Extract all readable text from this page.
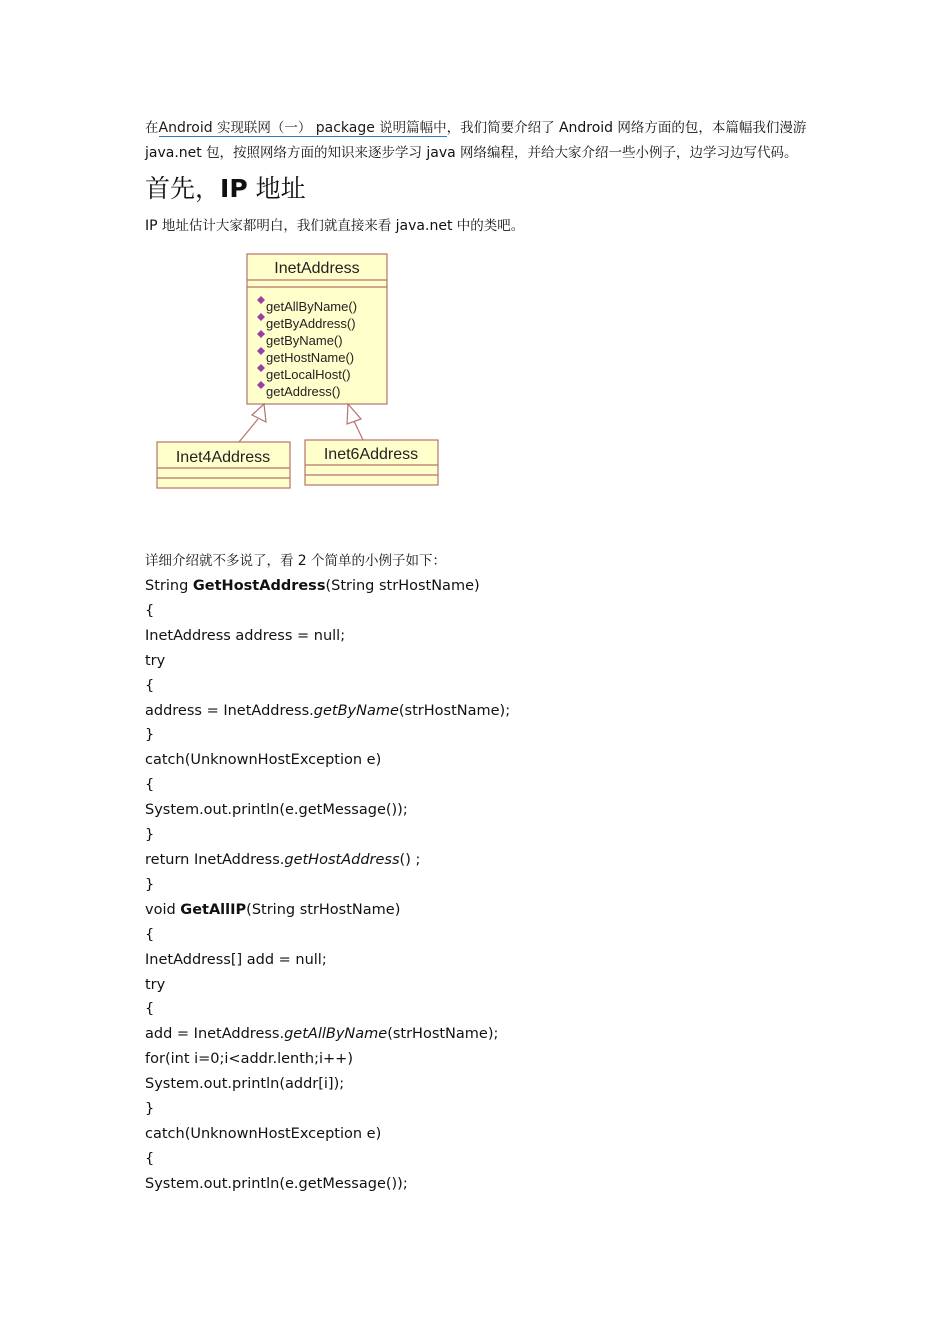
在Android 实现联网（一） package 说明篇幅中，我们简要介绍了 Android 网络方面的包，本篇幅我们漫游 java.net 包，按照网络方面的知识来逐步学习 java 网络编程，并给大家介绍一些小例子，边学习边写代码。

首先，IP 地址

IP 地址估计大家都明白，我们就直接来看 java.net 中的类吧。

InetAddress
getAllByName()
getByAddress()
getByName()
getHostName()
getLocalHost()
getAddress()
Inet4Address	Inet6Address

详细介绍就不多说了，看 2 个简单的小例子如下：

String GetHostAddress(String strHostName)
{
InetAddress address = null;
try
{
address = InetAddress.getByName(strHostName);
}
catch(UnknownHostException e)
{
System.out.println(e.getMessage());
}
return InetAddress.getHostAddress() ;
}
void GetAllIP(String strHostName)
{
InetAddress[] add = null;
try
{
add = InetAddress.getAllByName(strHostName);
for(int i=0;i<addr.lenth;i++)
System.out.println(addr[i]);
}
catch(UnknownHostException e)
{
System.out.println(e.getMessage());
